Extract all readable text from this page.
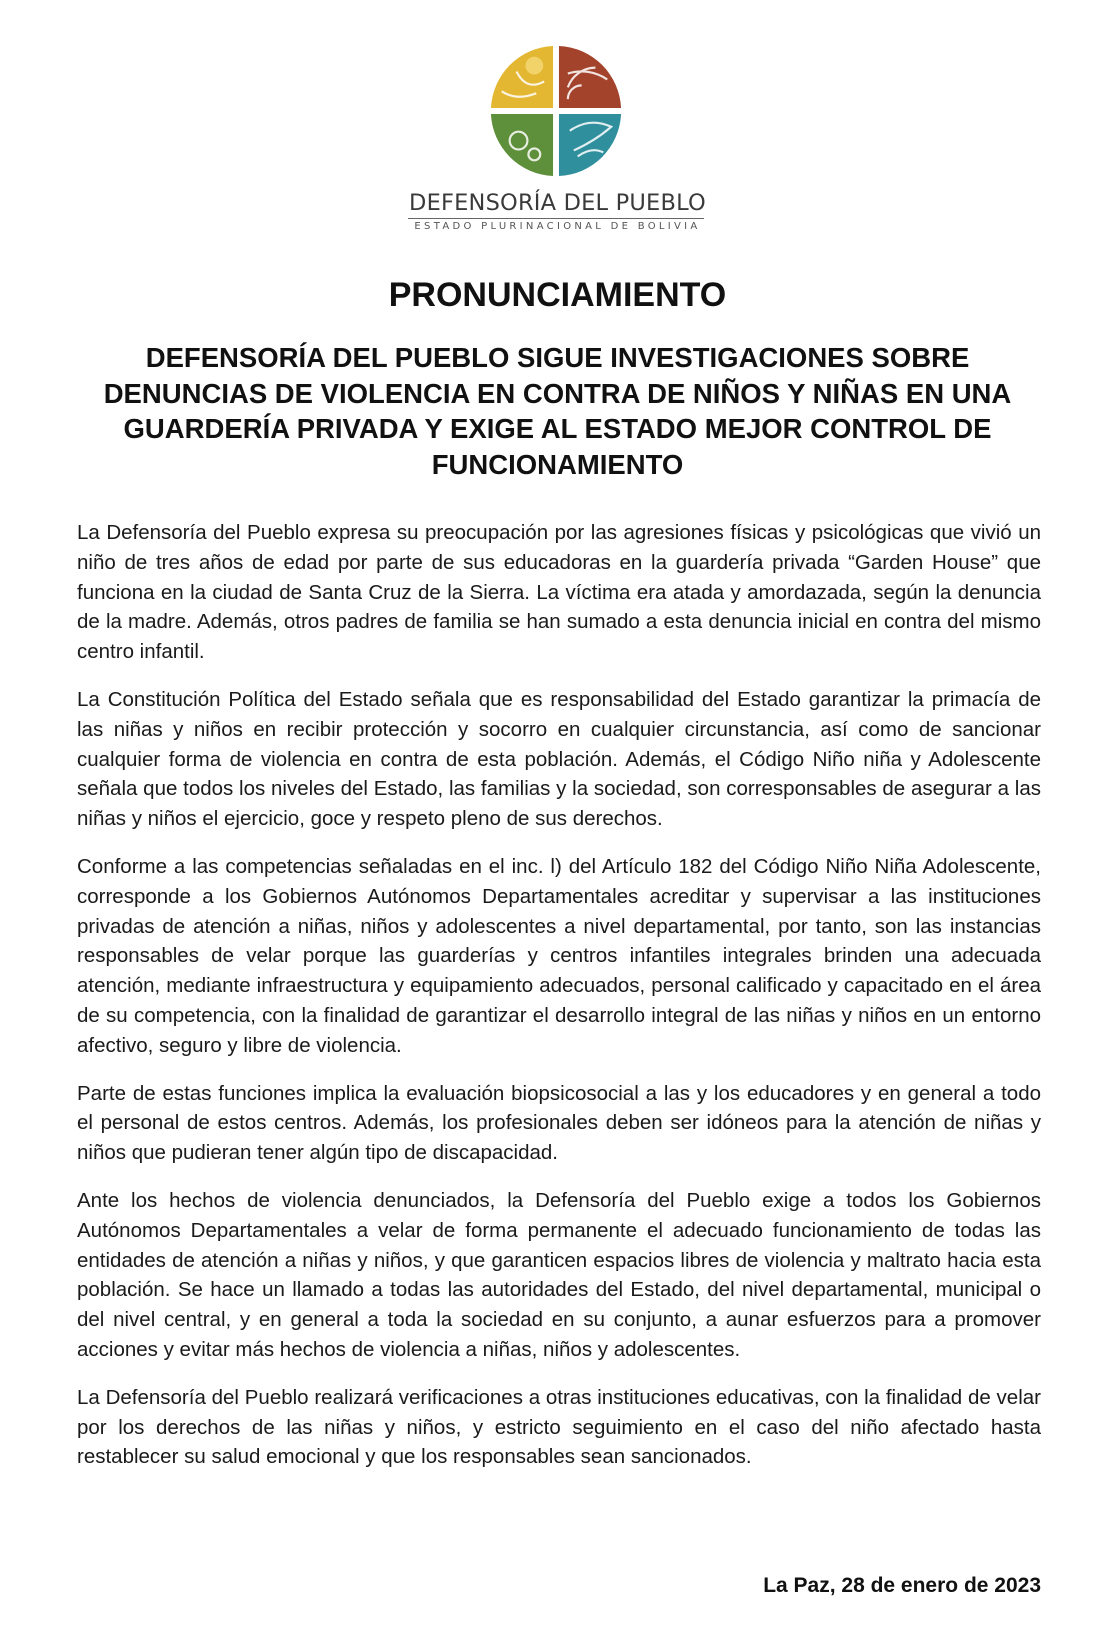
DEFENSORÍA DEL PUEBLO
ESTADO PLURINACIONAL DE BOLIVIA
PRONUNCIAMIENTO
DEFENSORÍA DEL PUEBLO SIGUE INVESTIGACIONES SOBRE DENUNCIAS DE VIOLENCIA EN CONTRA DE NIÑOS Y NIÑAS EN UNA GUARDERÍA PRIVADA Y EXIGE AL ESTADO MEJOR CONTROL DE FUNCIONAMIENTO

La Defensoría del Pueblo expresa su preocupación por las agresiones físicas y psicológicas que vivió un niño de tres años de edad por parte de sus educadoras en la guardería privada “Garden House” que funciona en la ciudad de Santa Cruz de la Sierra. La víctima era atada y amordazada, según la denuncia de la madre. Además, otros padres de familia se han sumado a esta denuncia inicial en contra del mismo centro infantil.

La Constitución Política del Estado señala que es responsabilidad del Estado garantizar la primacía de las niñas y niños en recibir protección y socorro en cualquier circunstancia, así como de sancionar cualquier forma de violencia en contra de esta población. Además, el Código Niño niña y Adolescente señala que todos los niveles del Estado, las familias y la sociedad, son corresponsables de asegurar a las niñas y niños el ejercicio, goce y respeto pleno de sus derechos.

Conforme a las competencias señaladas en el inc. l) del Artículo 182 del Código Niño Niña Adolescente, corresponde a los Gobiernos Autónomos Departamentales acreditar y supervisar a las instituciones privadas de atención a niñas, niños y adolescentes a nivel departamental, por tanto, son las instancias responsables de velar porque las guarderías y centros infantiles integrales brinden una adecuada atención, mediante infraestructura y equipamiento adecuados, personal calificado y capacitado en el área de su competencia, con la finalidad de garantizar el desarrollo integral de las niñas y niños en un entorno afectivo, seguro y libre de violencia.

Parte de estas funciones implica la evaluación biopsicosocial a las y los educadores y en general a todo el personal de estos centros. Además, los profesionales deben ser idóneos para la atención de niñas y niños que pudieran tener algún tipo de discapacidad.

Ante los hechos de violencia denunciados, la Defensoría del Pueblo exige a todos los Gobiernos Autónomos Departamentales a velar de forma permanente el adecuado funcionamiento de todas las entidades de atención a niñas y niños, y que garanticen espacios libres de violencia y maltrato hacia esta población. Se hace un llamado a todas las autoridades del Estado, del nivel departamental, municipal o del nivel central, y en general a toda la sociedad en su conjunto, a aunar esfuerzos para a promover acciones y evitar más hechos de violencia a niñas, niños y adolescentes.

La Defensoría del Pueblo realizará verificaciones a otras instituciones educativas, con la finalidad de velar por los derechos de las niñas y niños, y estricto seguimiento en el caso del niño afectado hasta restablecer su salud emocional y que los responsables sean sancionados.

La Paz, 28 de enero de 2023
